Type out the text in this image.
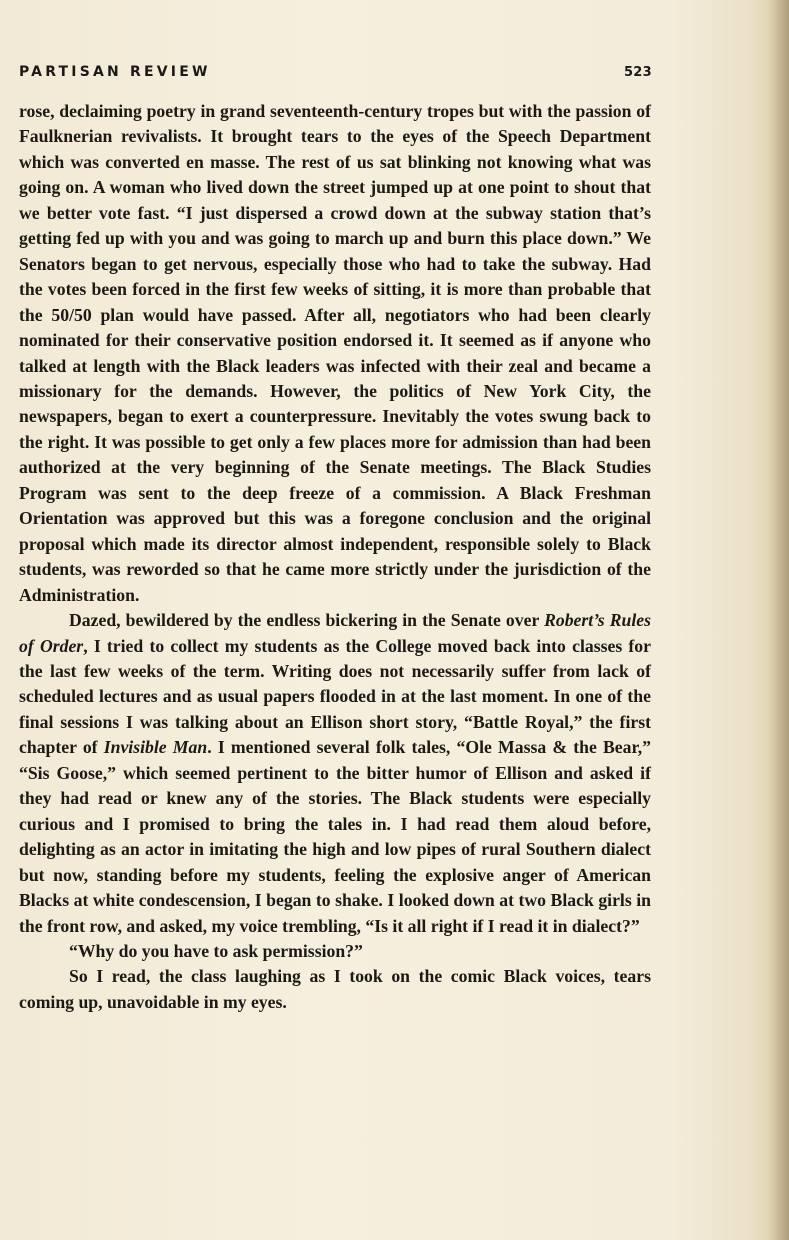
PARTISAN REVIEW	523

rose, declaiming poetry in grand seventeenth-century tropes but with the passion of Faulknerian revivalists. It brought tears to the eyes of the Speech Department which was converted en masse. The rest of us sat blinking not knowing what was going on. A woman who lived down the street jumped up at one point to shout that we better vote fast. “I just dispersed a crowd down at the subway station that’s getting fed up with you and was going to march up and burn this place down.” We Senators began to get nervous, especially those who had to take the subway. Had the votes been forced in the first few weeks of sitting, it is more than probable that the 50/50 plan would have passed. After all, negotiators who had been clearly nominated for their conservative position endorsed it. It seemed as if anyone who talked at length with the Black leaders was infected with their zeal and became a missionary for the demands. However, the politics of New York City, the newspapers, began to exert a counterpressure. Inevitably the votes swung back to the right. It was possible to get only a few places more for admission than had been authorized at the very beginning of the Senate meetings. The Black Studies Program was sent to the deep freeze of a commission. A Black Freshman Orientation was approved but this was a foregone conclusion and the original proposal which made its director almost independent, responsible solely to Black students, was reworded so that he came more strictly under the jurisdiction of the Administration.

Dazed, bewildered by the endless bickering in the Senate over Robert’s Rules of Order, I tried to collect my students as the College moved back into classes for the last few weeks of the term. Writing does not necessarily suffer from lack of scheduled lectures and as usual papers flooded in at the last moment. In one of the final sessions I was talking about an Ellison short story, “Battle Royal,” the first chapter of Invisible Man. I mentioned several folk tales, “Ole Massa & the Bear,” “Sis Goose,” which seemed pertinent to the bitter humor of Ellison and asked if they had read or knew any of the stories. The Black students were especially curious and I promised to bring the tales in. I had read them aloud before, delighting as an actor in imitating the high and low pipes of rural Southern dialect but now, standing before my students, feeling the explosive anger of American Blacks at white condescension, I began to shake. I looked down at two Black girls in the front row, and asked, my voice trembling, “Is it all right if I read it in dialect?”

“Why do you have to ask permission?”

So I read, the class laughing as I took on the comic Black voices, tears coming up, unavoidable in my eyes.
